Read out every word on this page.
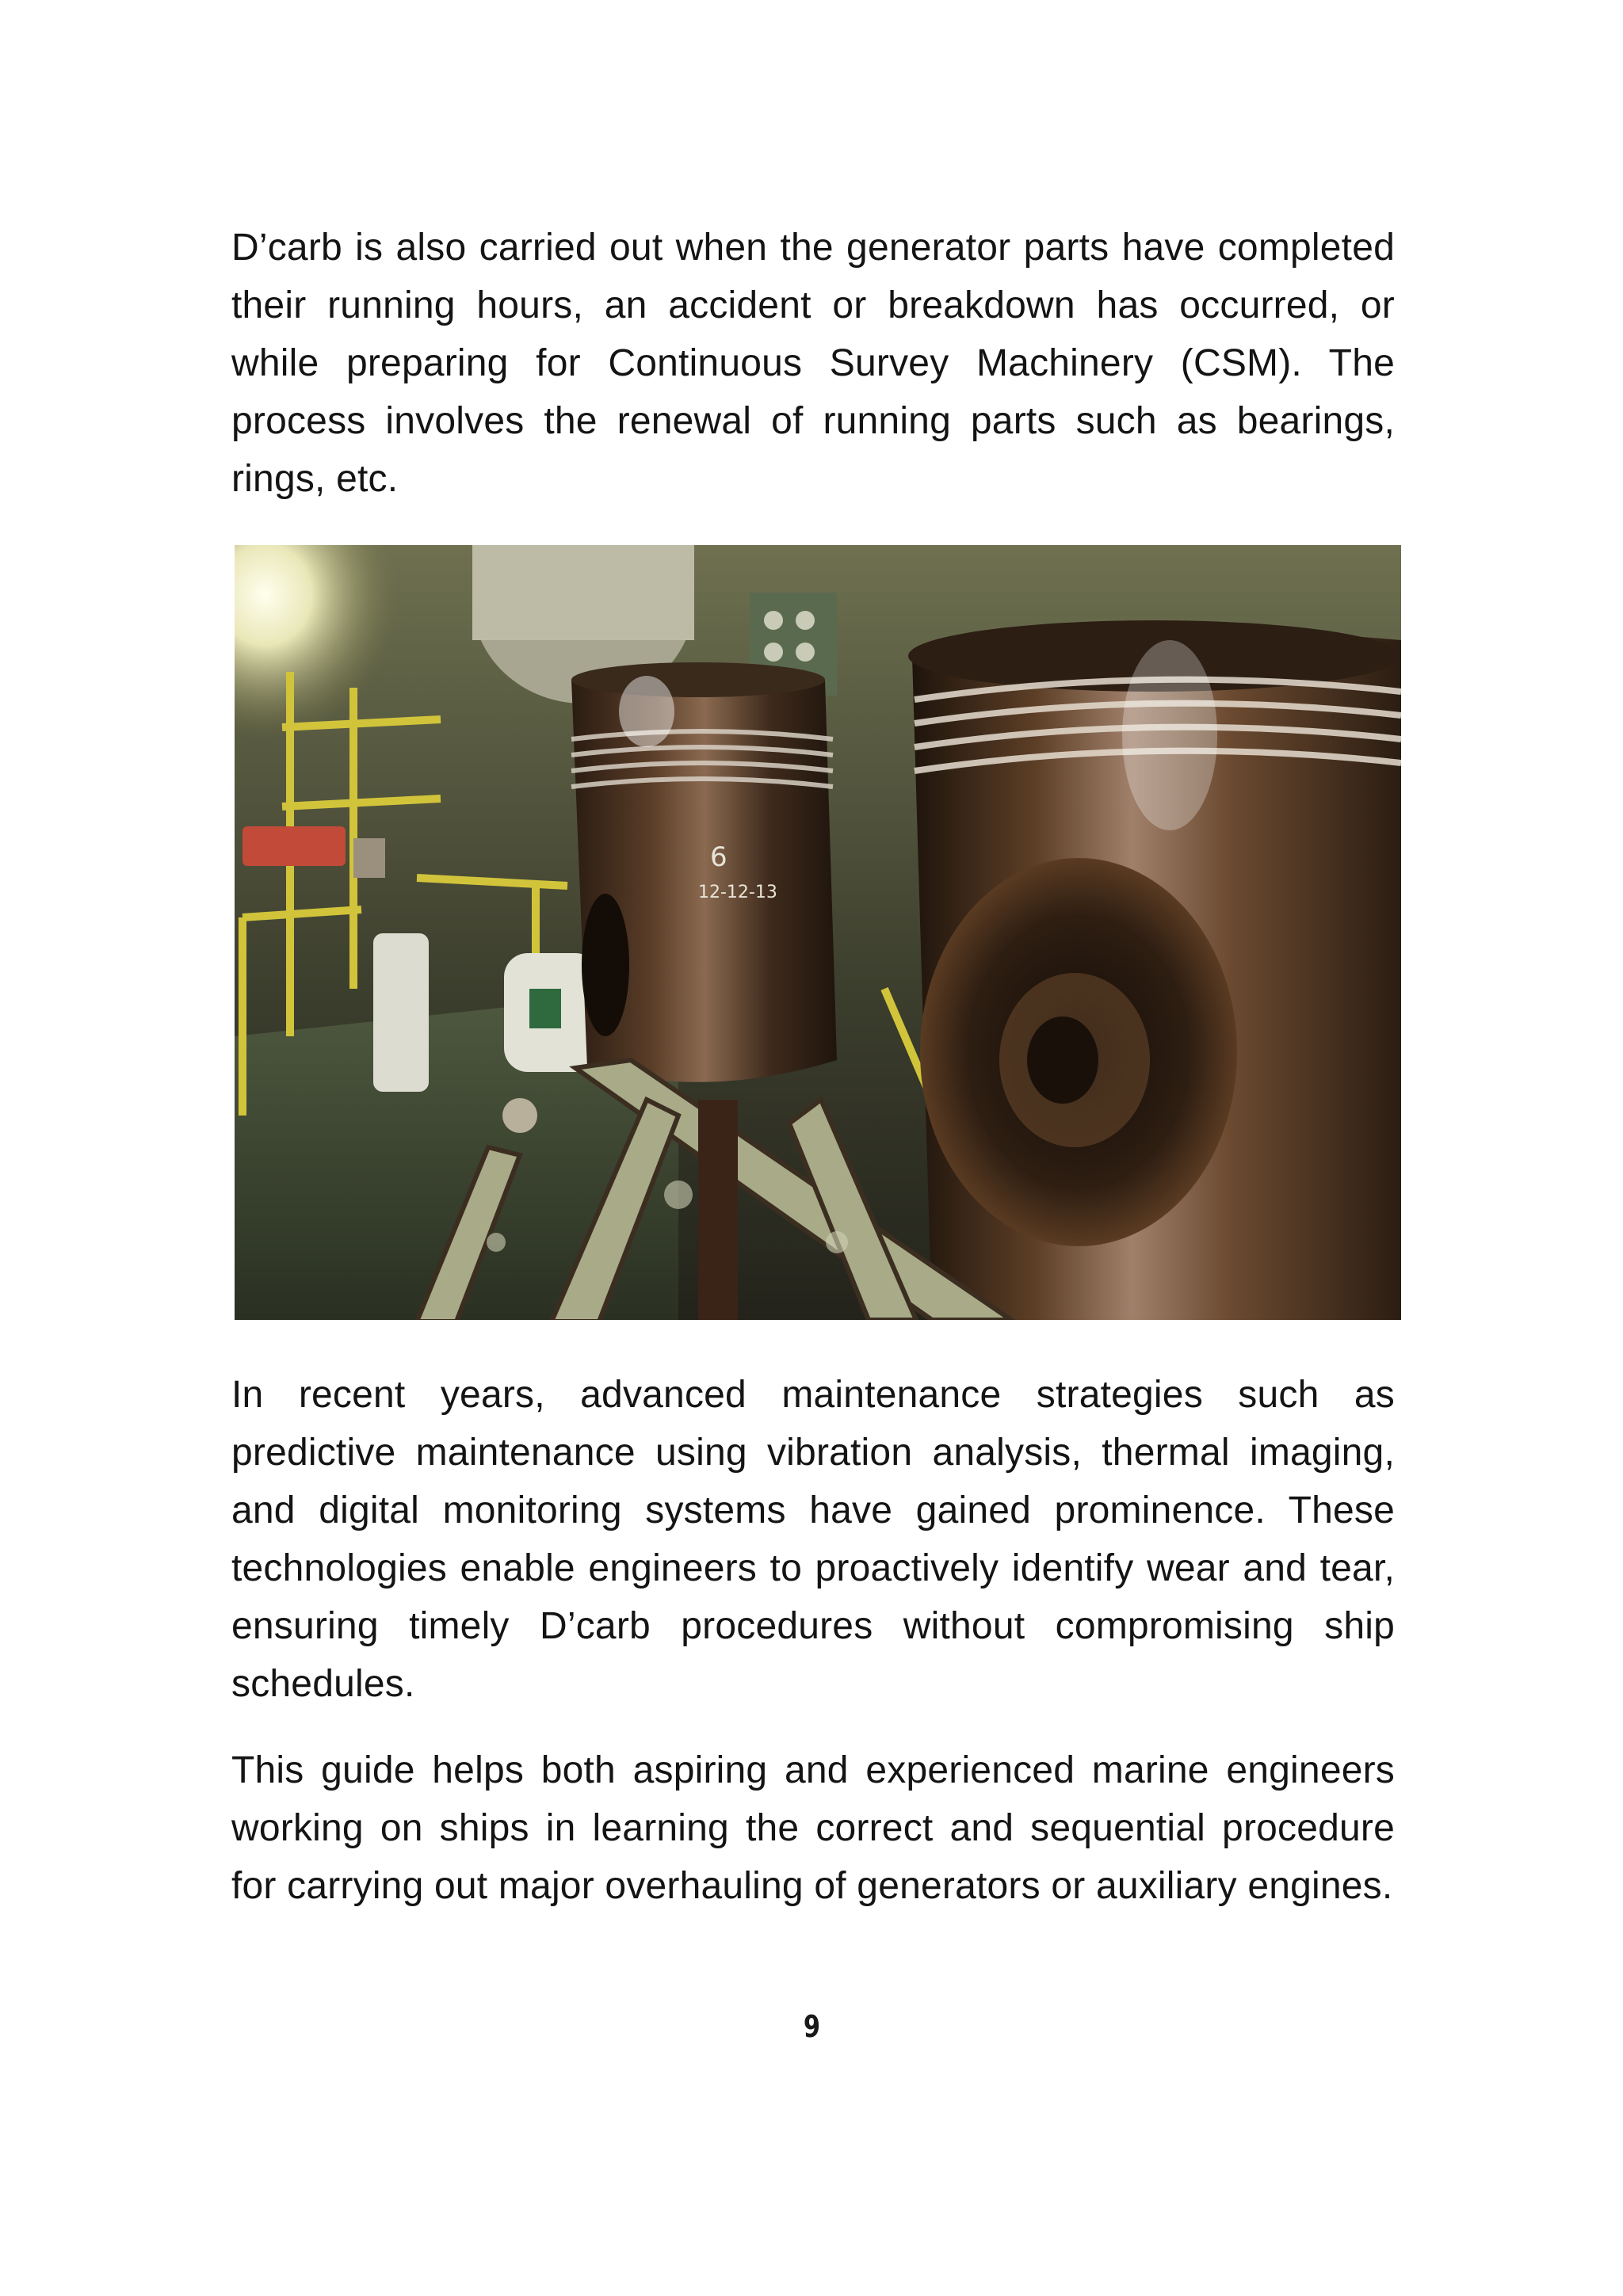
D’carb is also carried out when the generator parts have completed their running hours, an accident or breakdown has occurred, or while preparing for Continuous Survey Machinery (CSM). The process involves the renewal of running parts such as bearings, rings, etc.

6
12-12-13

In recent years, advanced maintenance strategies such as predictive maintenance using vibration analysis, thermal imaging, and digital monitoring systems have gained prominence. These technologies enable engineers to proactively identify wear and tear, ensuring timely D’carb procedures without compromising ship schedules.

This guide helps both aspiring and experienced marine engineers working on ships in learning the correct and sequential procedure for carrying out major overhauling of generators or auxiliary engines.

9
